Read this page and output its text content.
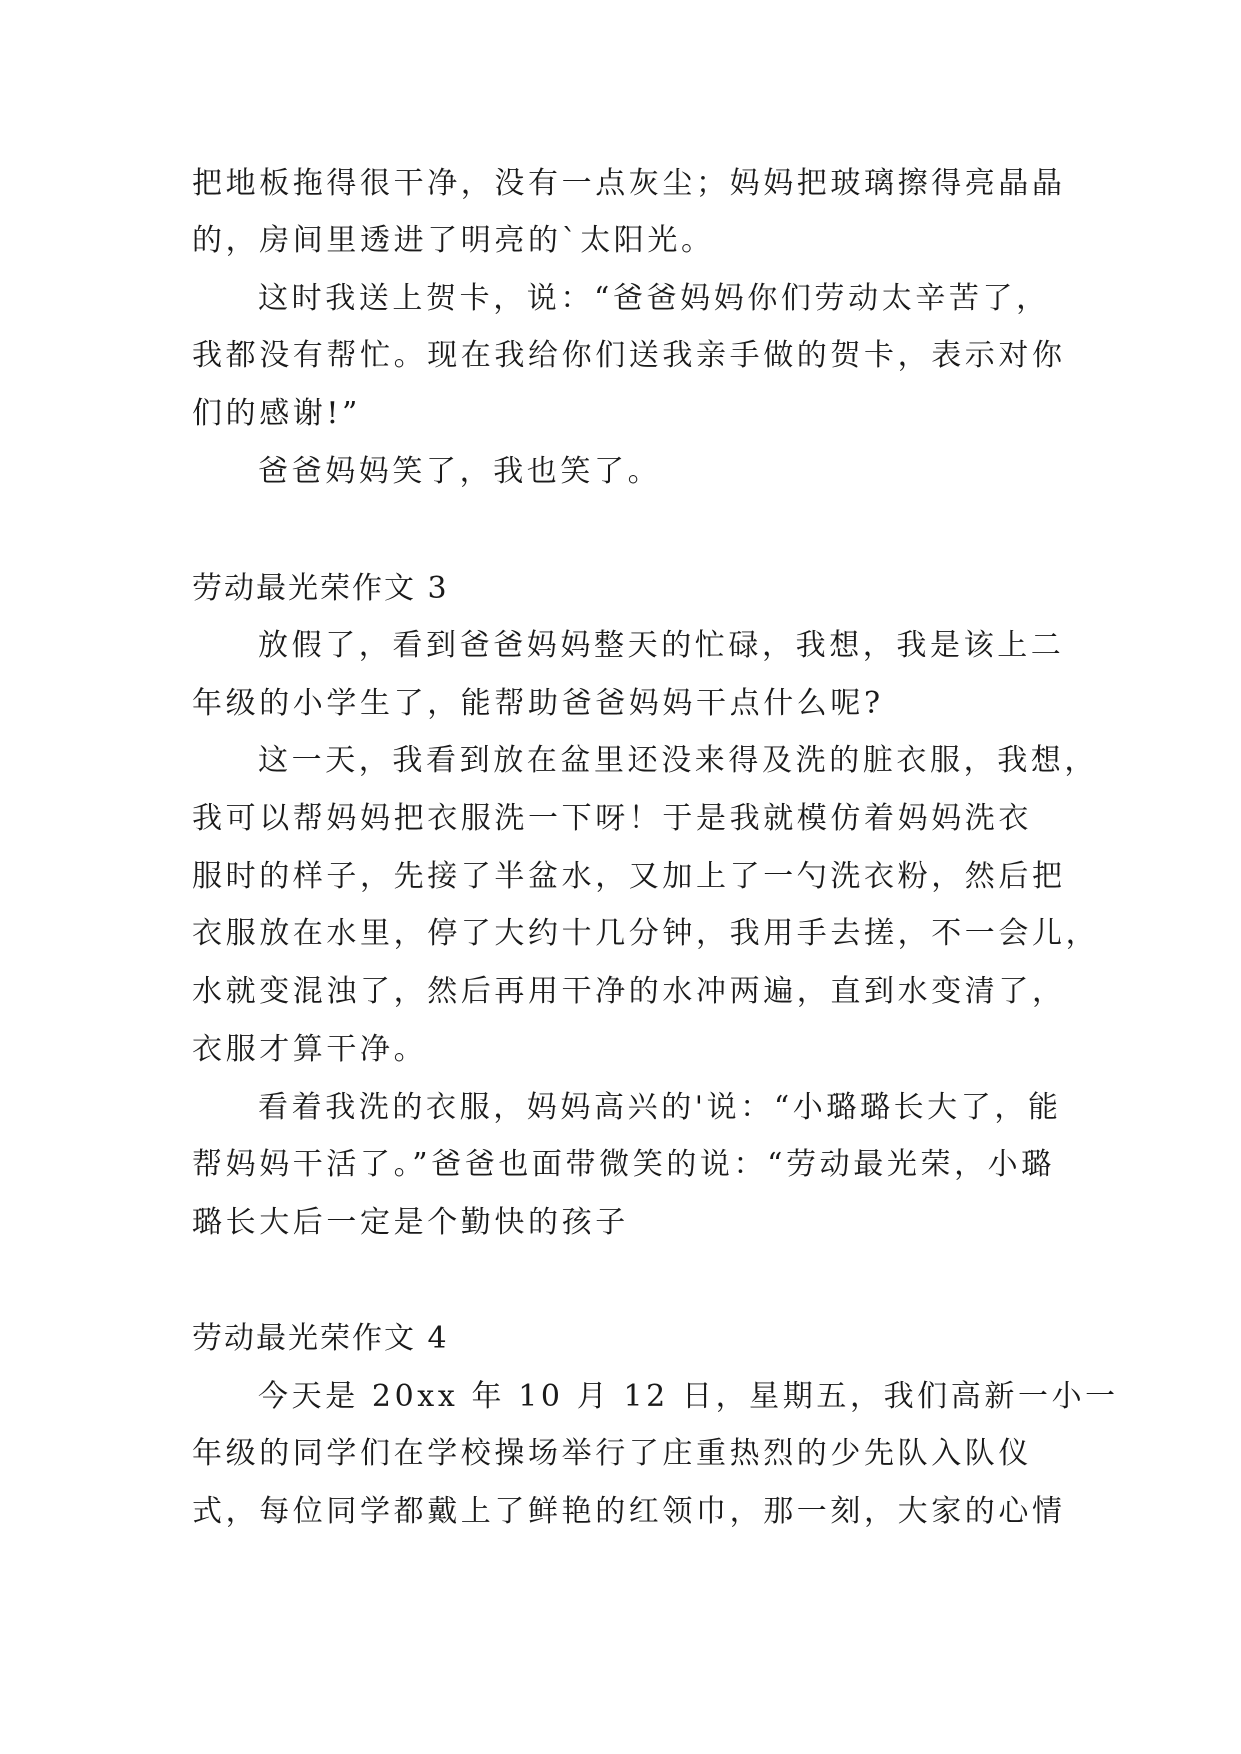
把地板拖得很干净，没有一点灰尘；妈妈把玻璃擦得亮晶晶
的，房间里透进了明亮的`太阳光。
这时我送上贺卡，说：“爸爸妈妈你们劳动太辛苦了，
我都没有帮忙。现在我给你们送我亲手做的贺卡，表示对你
们的感谢!”
爸爸妈妈笑了，我也笑了。
劳动最光荣作文 3
放假了，看到爸爸妈妈整天的忙碌，我想，我是该上二
年级的小学生了，能帮助爸爸妈妈干点什么呢?
这一天，我看到放在盆里还没来得及洗的脏衣服，我想，
我可以帮妈妈把衣服洗一下呀！于是我就模仿着妈妈洗衣
服时的样子，先接了半盆水，又加上了一勺洗衣粉，然后把
衣服放在水里，停了大约十几分钟，我用手去搓，不一会儿，
水就变混浊了，然后再用干净的水冲两遍，直到水变清了，
衣服才算干净。
看着我洗的衣服，妈妈高兴的'说：“小璐璐长大了，能
帮妈妈干活了。”爸爸也面带微笑的说：“劳动最光荣，小璐
璐长大后一定是个勤快的孩子
劳动最光荣作文 4
今天是 20xx 年 10 月 12 日，星期五，我们高新一小一
年级的同学们在学校操场举行了庄重热烈的少先队入队仪
式，每位同学都戴上了鲜艳的红领巾，那一刻，大家的心情
